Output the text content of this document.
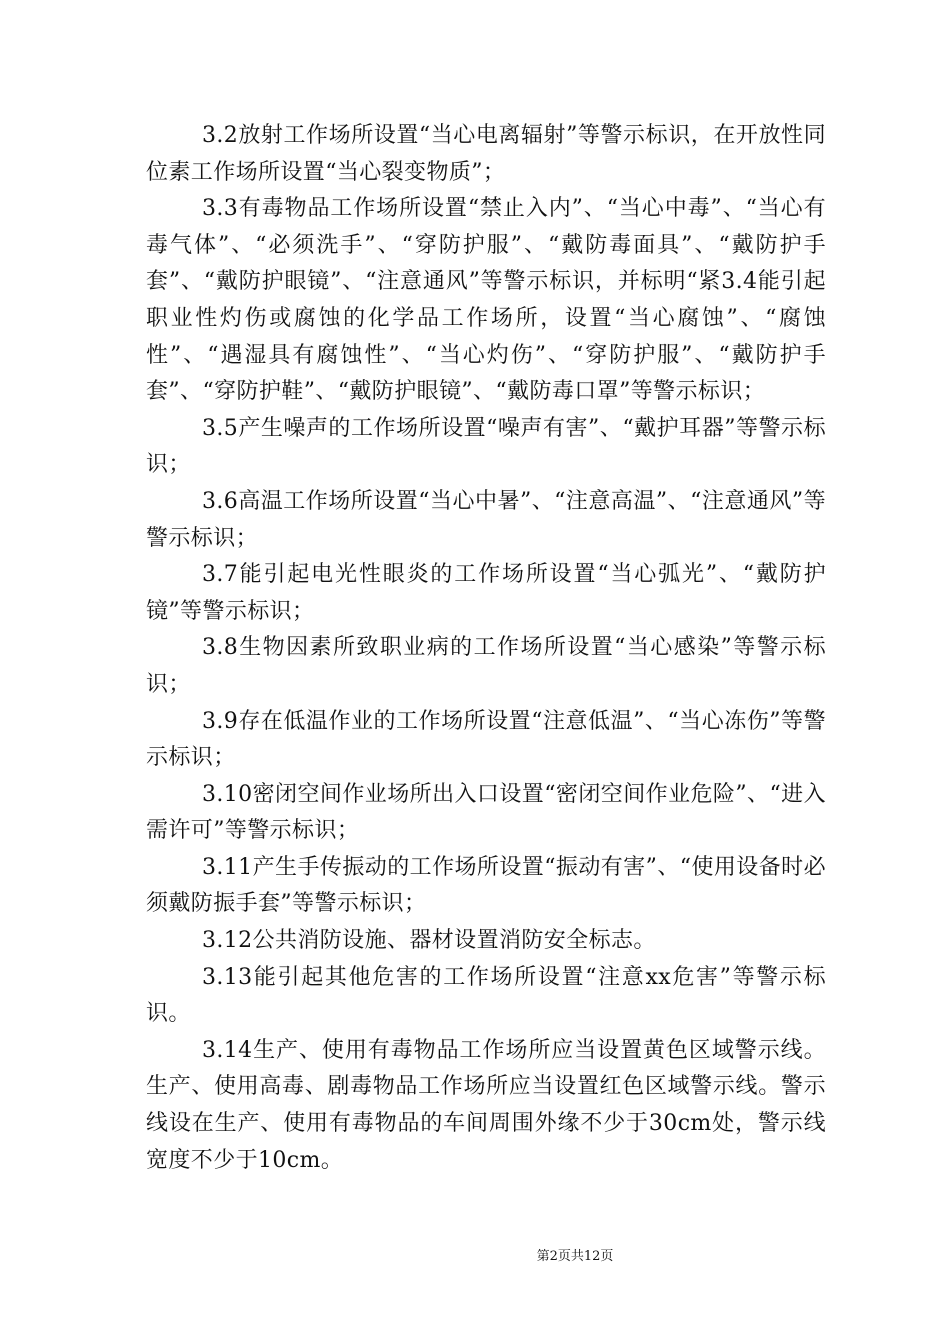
3.2放射工作场所设置“当心电离辐射”等警示标识，在开放性同位素工作场所设置“当心裂变物质”；

3.3有毒物品工作场所设置“禁止入内”、“当心中毒”、“当心有毒气体”、“必须洗手”、“穿防护服”、“戴防毒面具”、“戴防护手套”、“戴防护眼镜”、“注意通风”等警示标识，并标明“紧3.4能引起职业性灼伤或腐蚀的化学品工作场所，设置“当心腐蚀”、“腐蚀性”、“遇湿具有腐蚀性”、“当心灼伤”、“穿防护服”、“戴防护手套”、“穿防护鞋”、“戴防护眼镜”、“戴防毒口罩”等警示标识；

3.5产生噪声的工作场所设置“噪声有害”、“戴护耳器”等警示标识；

3.6高温工作场所设置“当心中暑”、“注意高温”、“注意通风”等警示标识；

3.7能引起电光性眼炎的工作场所设置“当心弧光”、“戴防护镜”等警示标识；

3.8生物因素所致职业病的工作场所设置“当心感染”等警示标识；

3.9存在低温作业的工作场所设置“注意低温”、“当心冻伤”等警示标识；

3.10密闭空间作业场所出入口设置“密闭空间作业危险”、“进入需许可”等警示标识；

3.11产生手传振动的工作场所设置“振动有害”、“使用设备时必须戴防振手套”等警示标识；

3.12公共消防设施、器材设置消防安全标志。

3.13能引起其他危害的工作场所设置“注意xx危害”等警示标识。

3.14生产、使用有毒物品工作场所应当设置黄色区域警示线。生产、使用高毒、剧毒物品工作场所应当设置红色区域警示线。警示线设在生产、使用有毒物品的车间周围外缘不少于30cm处，警示线宽度不少于10cm。

第2页共12页
